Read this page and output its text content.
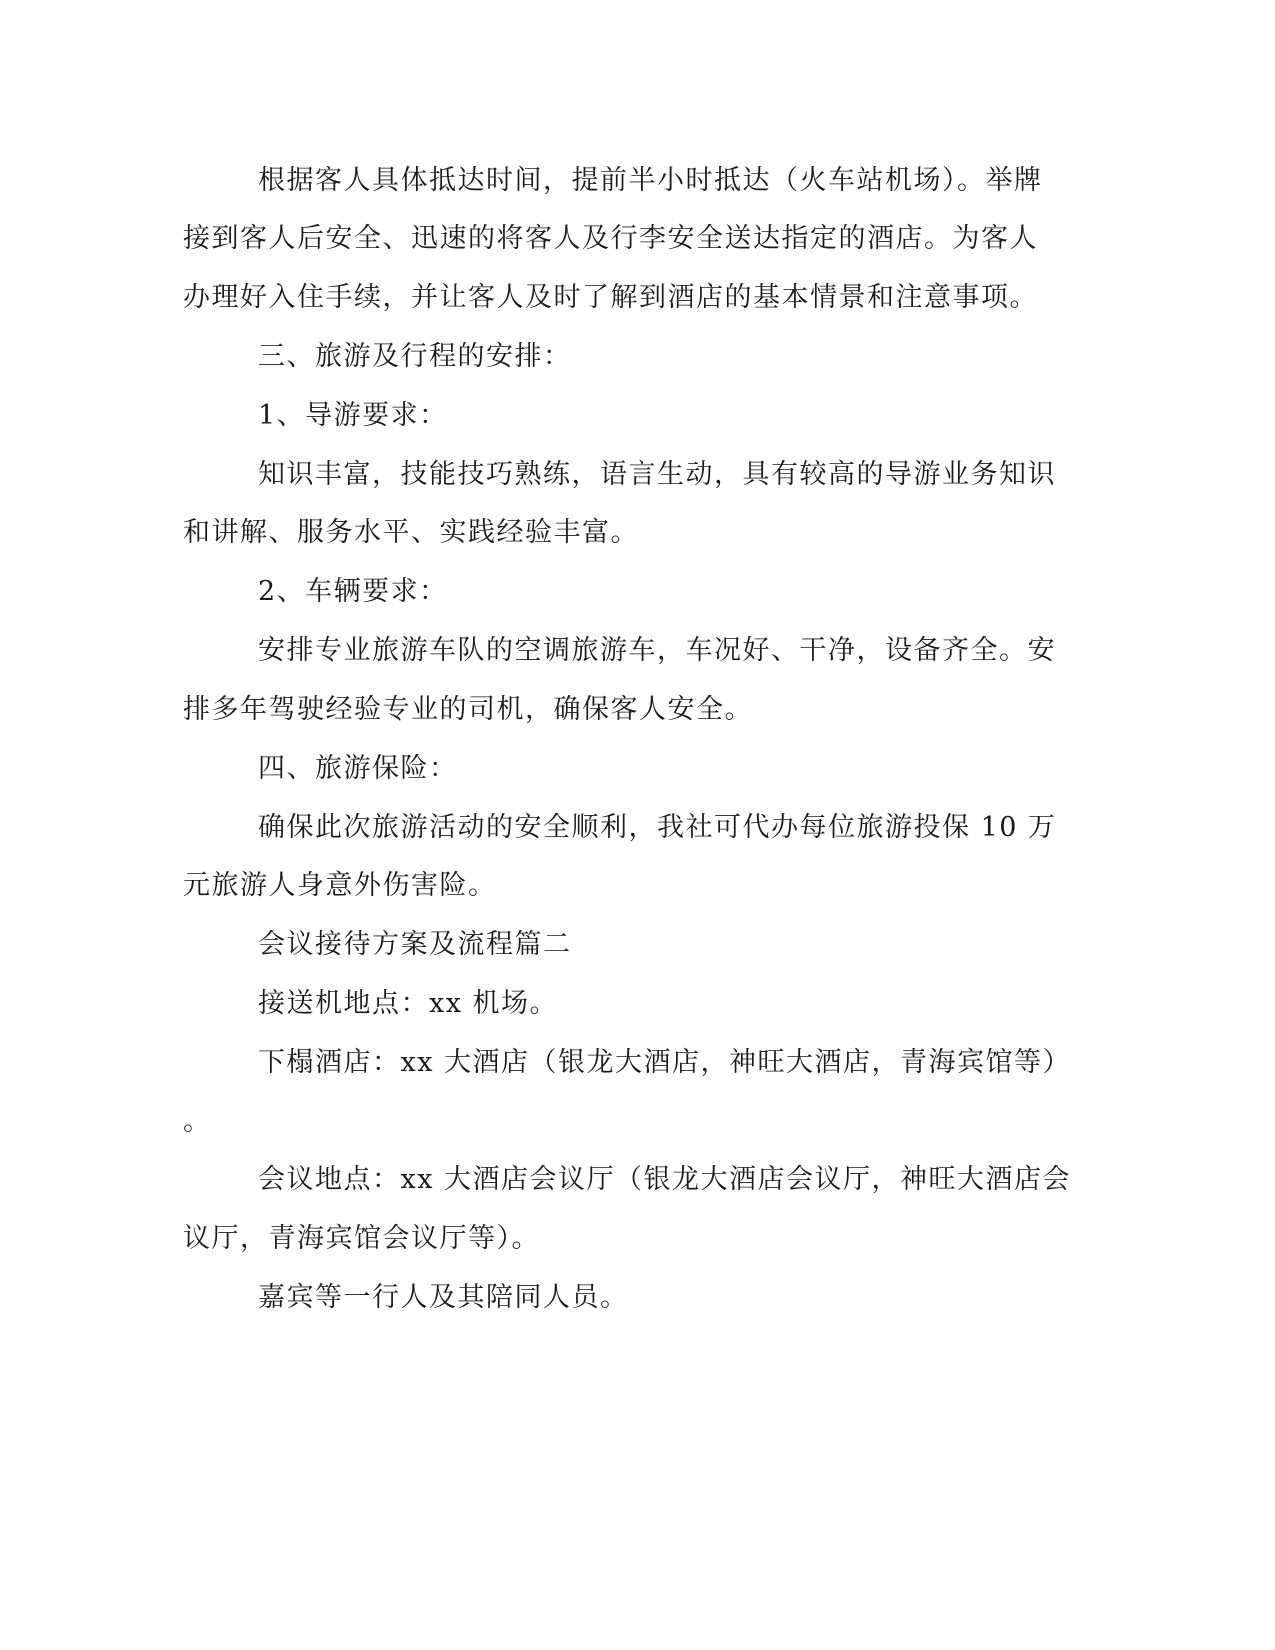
根据客人具体抵达时间，提前半小时抵达（火车站机场）。举牌
接到客人后安全、迅速的将客人及行李安全送达指定的酒店。为客人
办理好入住手续，并让客人及时了解到酒店的基本情景和注意事项。
三、旅游及行程的安排：
1、导游要求：
知识丰富，技能技巧熟练，语言生动，具有较高的导游业务知识
和讲解、服务水平、实践经验丰富。
2、车辆要求：
安排专业旅游车队的空调旅游车，车况好、干净，设备齐全。安
排多年驾驶经验专业的司机，确保客人安全。
四、旅游保险：
确保此次旅游活动的安全顺利，我社可代办每位旅游投保 10 万
元旅游人身意外伤害险。
会议接待方案及流程篇二
接送机地点：xx 机场。
下榻酒店：xx 大酒店（银龙大酒店，神旺大酒店，青海宾馆等）
。
会议地点：xx 大酒店会议厅（银龙大酒店会议厅，神旺大酒店会
议厅，青海宾馆会议厅等）。
嘉宾等一行人及其陪同人员。
